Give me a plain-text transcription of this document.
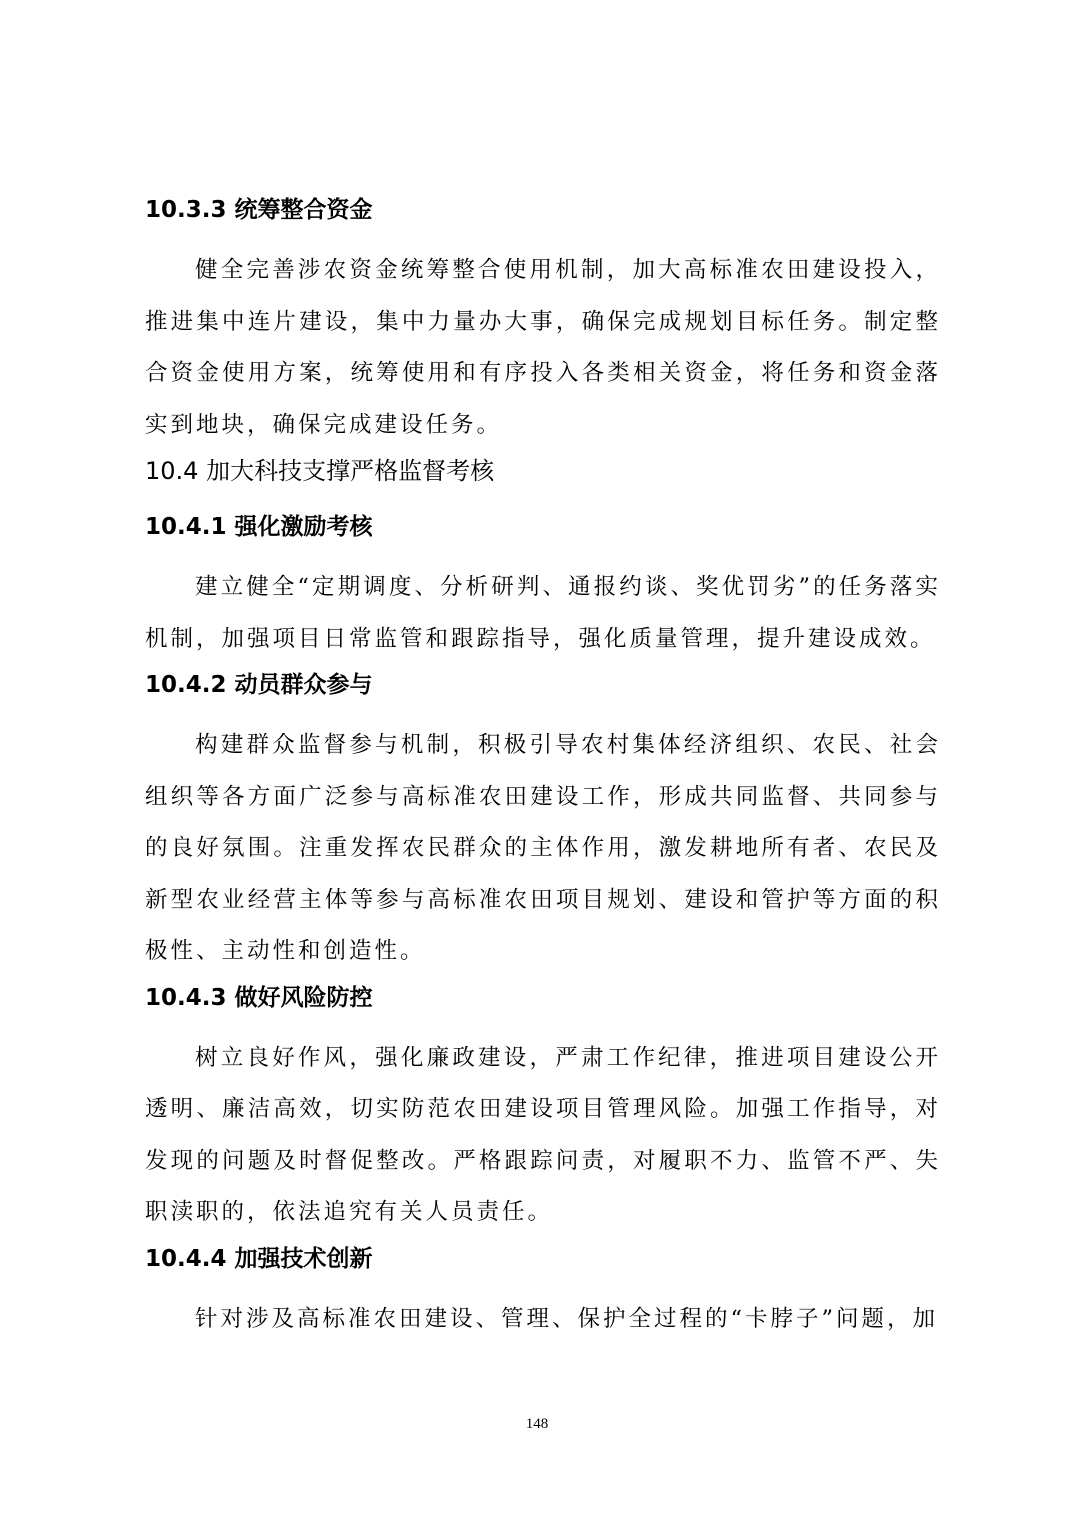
10.3.3 统筹整合资金

健全完善涉农资金统筹整合使用机制，加大高标准农田建设投入，推进集中连片建设，集中力量办大事，确保完成规划目标任务。制定整合资金使用方案，统筹使用和有序投入各类相关资金，将任务和资金落实到地块，确保完成建设任务。

10.4 加大科技支撑严格监督考核
10.4.1 强化激励考核

建立健全“定期调度、分析研判、通报约谈、奖优罚劣”的任务落实机制，加强项目日常监管和跟踪指导，强化质量管理，提升建设成效。

10.4.2 动员群众参与

构建群众监督参与机制，积极引导农村集体经济组织、农民、社会组织等各方面广泛参与高标准农田建设工作，形成共同监督、共同参与的良好氛围。注重发挥农民群众的主体作用，激发耕地所有者、农民及新型农业经营主体等参与高标准农田项目规划、建设和管护等方面的积极性、主动性和创造性。

10.4.3 做好风险防控

树立良好作风，强化廉政建设，严肃工作纪律，推进项目建设公开透明、廉洁高效，切实防范农田建设项目管理风险。加强工作指导，对发现的问题及时督促整改。严格跟踪问责，对履职不力、监管不严、失职渎职的，依法追究有关人员责任。

10.4.4 加强技术创新

针对涉及高标准农田建设、管理、保护全过程的“卡脖子”问题，加

148
